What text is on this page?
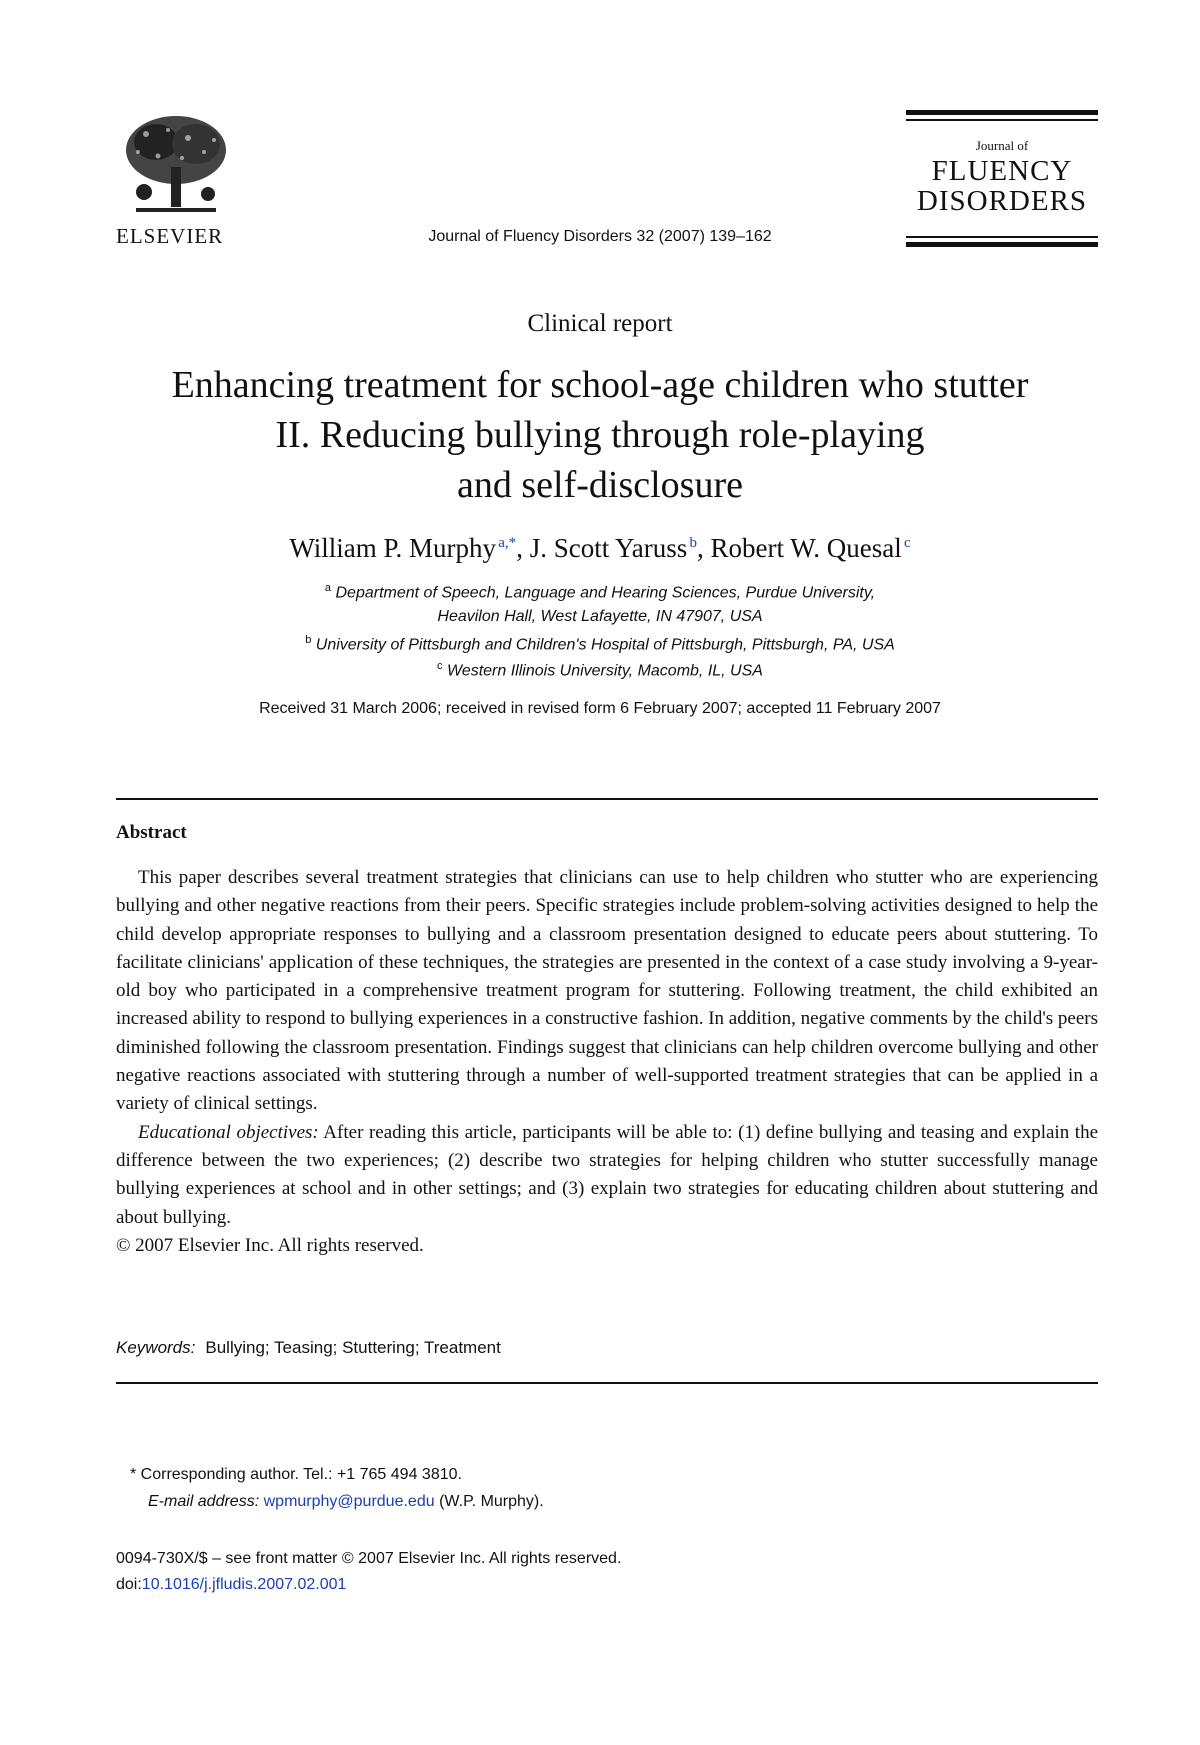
ELSEVIER	Journal of Fluency Disorders 32 (2007) 139–162
Journal of
FLUENCY
DISORDERS
Clinical report
Enhancing treatment for school-age children who stutter
II. Reducing bullying through role-playing
and self-disclosure
William P. Murphy  $^{a,*}$, J. Scott Yaruss  $^b$, Robert W. Quesal  $^c$
$^a$ Department of Speech, Language and Hearing Sciences, Purdue University,
Heavilon Hall, West Lafayette, IN 47907, USA
$^b$ University of Pittsburgh and Children's Hospital of Pittsburgh, Pittsburgh, PA, USA
$^c$ Western Illinois University, Macomb, IL, USA
Received 31 March 2006; received in revised form 6 February 2007; accepted 11 February 2007
Abstract

This paper describes several treatment strategies that clinicians can use to help children who stutter who are experiencing bullying and other negative reactions from their peers. Specific strategies include problem-solving activities designed to help the child develop appropriate responses to bullying and a classroom presentation designed to educate peers about stuttering. To facilitate clinicians' application of these techniques, the strategies are presented in the context of a case study involving a 9-year-old boy who participated in a comprehensive treatment program for stuttering. Following treatment, the child exhibited an increased ability to respond to bullying experiences in a constructive fashion. In addition, negative comments by the child's peers diminished following the classroom presentation. Findings suggest that clinicians can help children overcome bullying and other negative reactions associated with stuttering through a number of well-supported treatment strategies that can be applied in a variety of clinical settings.

Educational objectives: After reading this article, participants will be able to: (1) define bullying and teasing and explain the difference between the two experiences; (2) describe two strategies for helping children who stutter successfully manage bullying experiences at school and in other settings; and (3) explain two strategies for educating children about stuttering and about bullying.

© 2007 Elsevier Inc. All rights reserved.

Keywords: Bullying; Teasing; Stuttering; Treatment
* Corresponding author. Tel.: +1 765 494 3810.
E-mail address: wpmurphy@purdue.edu (W.P. Murphy).
0094-730X/$ – see front matter © 2007 Elsevier Inc. All rights reserved.
doi:10.1016/j.jfludis.2007.02.001
